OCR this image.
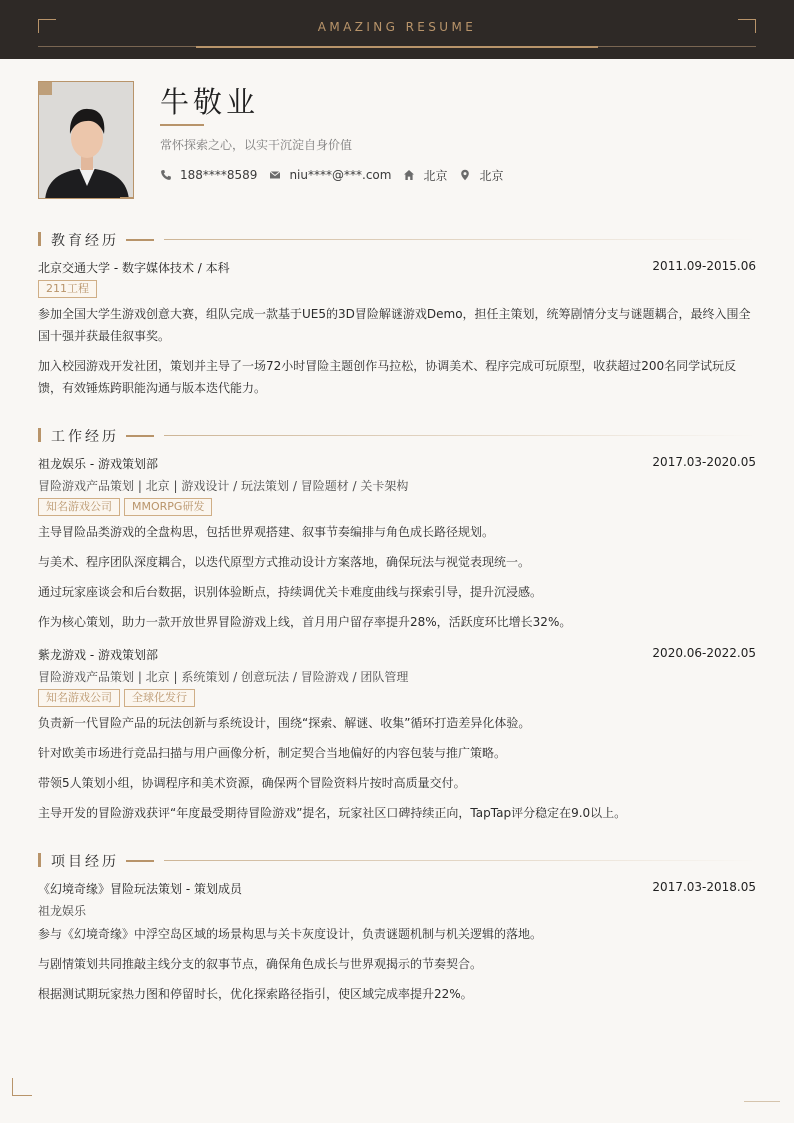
AMAZING RESUME
牛敬业
常怀探索之心，以实干沉淀自身价值
188****8589	niu****@***.com	北京	北京
教育经历
北京交通大学 - 数字媒体技术 / 本科	2011.09-2015.06
211工程
参加全国大学生游戏创意大赛，组队完成一款基于UE5的3D冒险解谜游戏Demo，担任主策划，统筹剧情分支与谜题耦合，最终入围全国十强并获最佳叙事奖。
加入校园游戏开发社团，策划并主导了一场72小时冒险主题创作马拉松，协调美术、程序完成可玩原型，收获超过200名同学试玩反馈，有效锤炼跨职能沟通与版本迭代能力。
工作经历
祖龙娱乐 - 游戏策划部	2017.03-2020.05
冒险游戏产品策划 | 北京 | 游戏设计 / 玩法策划 / 冒险题材 / 关卡架构
知名游戏公司	MMORPG研发
主导冒险品类游戏的全盘构思，包括世界观搭建、叙事节奏编排与角色成长路径规划。
与美术、程序团队深度耦合，以迭代原型方式推动设计方案落地，确保玩法与视觉表现统一。
通过玩家座谈会和后台数据，识别体验断点，持续调优关卡难度曲线与探索引导，提升沉浸感。
作为核心策划，助力一款开放世界冒险游戏上线，首月用户留存率提升28%，活跃度环比增长32%。
紫龙游戏 - 游戏策划部	2020.06-2022.05
冒险游戏产品策划 | 北京 | 系统策划 / 创意玩法 / 冒险游戏 / 团队管理
知名游戏公司	全球化发行
负责新一代冒险产品的玩法创新与系统设计，围绕“探索、解谜、收集”循环打造差异化体验。
针对欧美市场进行竞品扫描与用户画像分析，制定契合当地偏好的内容包装与推广策略。
带领5人策划小组，协调程序和美术资源，确保两个冒险资料片按时高质量交付。
主导开发的冒险游戏获评“年度最受期待冒险游戏”提名，玩家社区口碑持续正向，TapTap评分稳定在9.0以上。
项目经历
《幻境奇缘》冒险玩法策划 - 策划成员	2017.03-2018.05
祖龙娱乐
参与《幻境奇缘》中浮空岛区域的场景构思与关卡灰度设计，负责谜题机制与机关逻辑的落地。
与剧情策划共同推敲主线分支的叙事节点，确保角色成长与世界观揭示的节奏契合。
根据测试期玩家热力图和停留时长，优化探索路径指引，使区域完成率提升22%。
